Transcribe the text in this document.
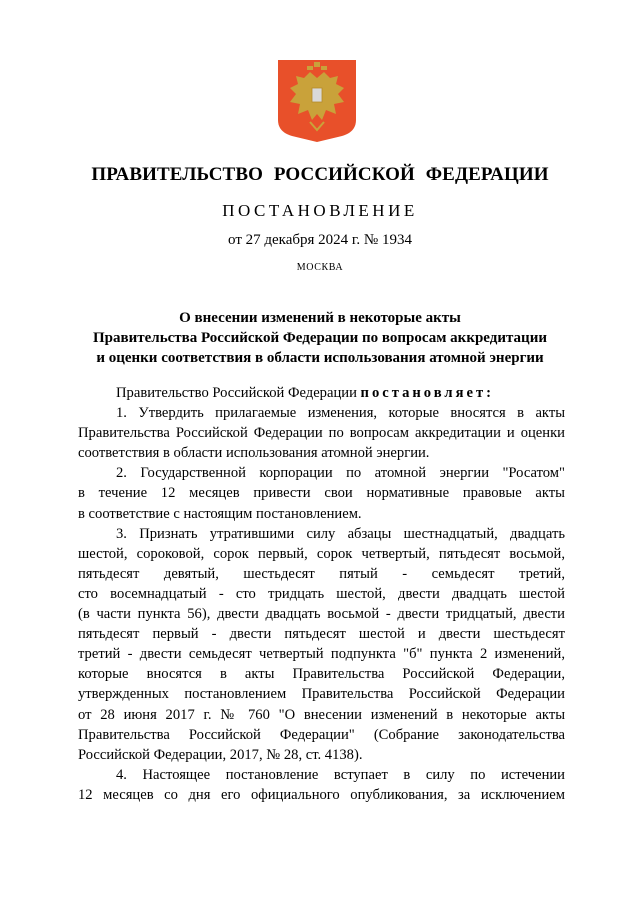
ПРАВИТЕЛЬСТВО РОССИЙСКОЙ ФЕДЕРАЦИИ
ПОСТАНОВЛЕНИЕ
от 27 декабря 2024 г. № 1934
МОСКВА
О внесении изменений в некоторые акты
Правительства Российской Федерации по вопросам аккредитации
и оценки соответствия в области использования атомной энергии
Правительство Российской Федерации постановляет:
1. Утвердить прилагаемые изменения, которые вносятся в акты
Правительства Российской Федерации по вопросам аккредитации и оценки
соответствия в области использования атомной энергии.
2. Государственной корпорации по атомной энергии "Росатом"
в течение 12 месяцев привести свои нормативные правовые акты
в соответствие с настоящим постановлением.
3. Признать утратившими силу абзацы шестнадцатый, двадцать
шестой, сороковой, сорок первый, сорок четвертый, пятьдесят восьмой,
пятьдесят девятый, шестьдесят пятый - семьдесят третий,
сто восемнадцатый - сто тридцать шестой, двести двадцать шестой
(в части пункта 56), двести двадцать восьмой - двести тридцатый, двести
пятьдесят первый - двести пятьдесят шестой и двести шестьдесят
третий - двести семьдесят четвертый подпункта "б" пункта 2 изменений,
которые вносятся в акты Правительства Российской Федерации,
утвержденных постановлением Правительства Российской Федерации
от 28 июня 2017 г. № 760 "О внесении изменений в некоторые акты
Правительства Российской Федерации" (Собрание законодательства
Российской Федерации, 2017, № 28, ст. 4138).
4. Настоящее постановление вступает в силу по истечении
12 месяцев со дня его официального опубликования, за исключением
